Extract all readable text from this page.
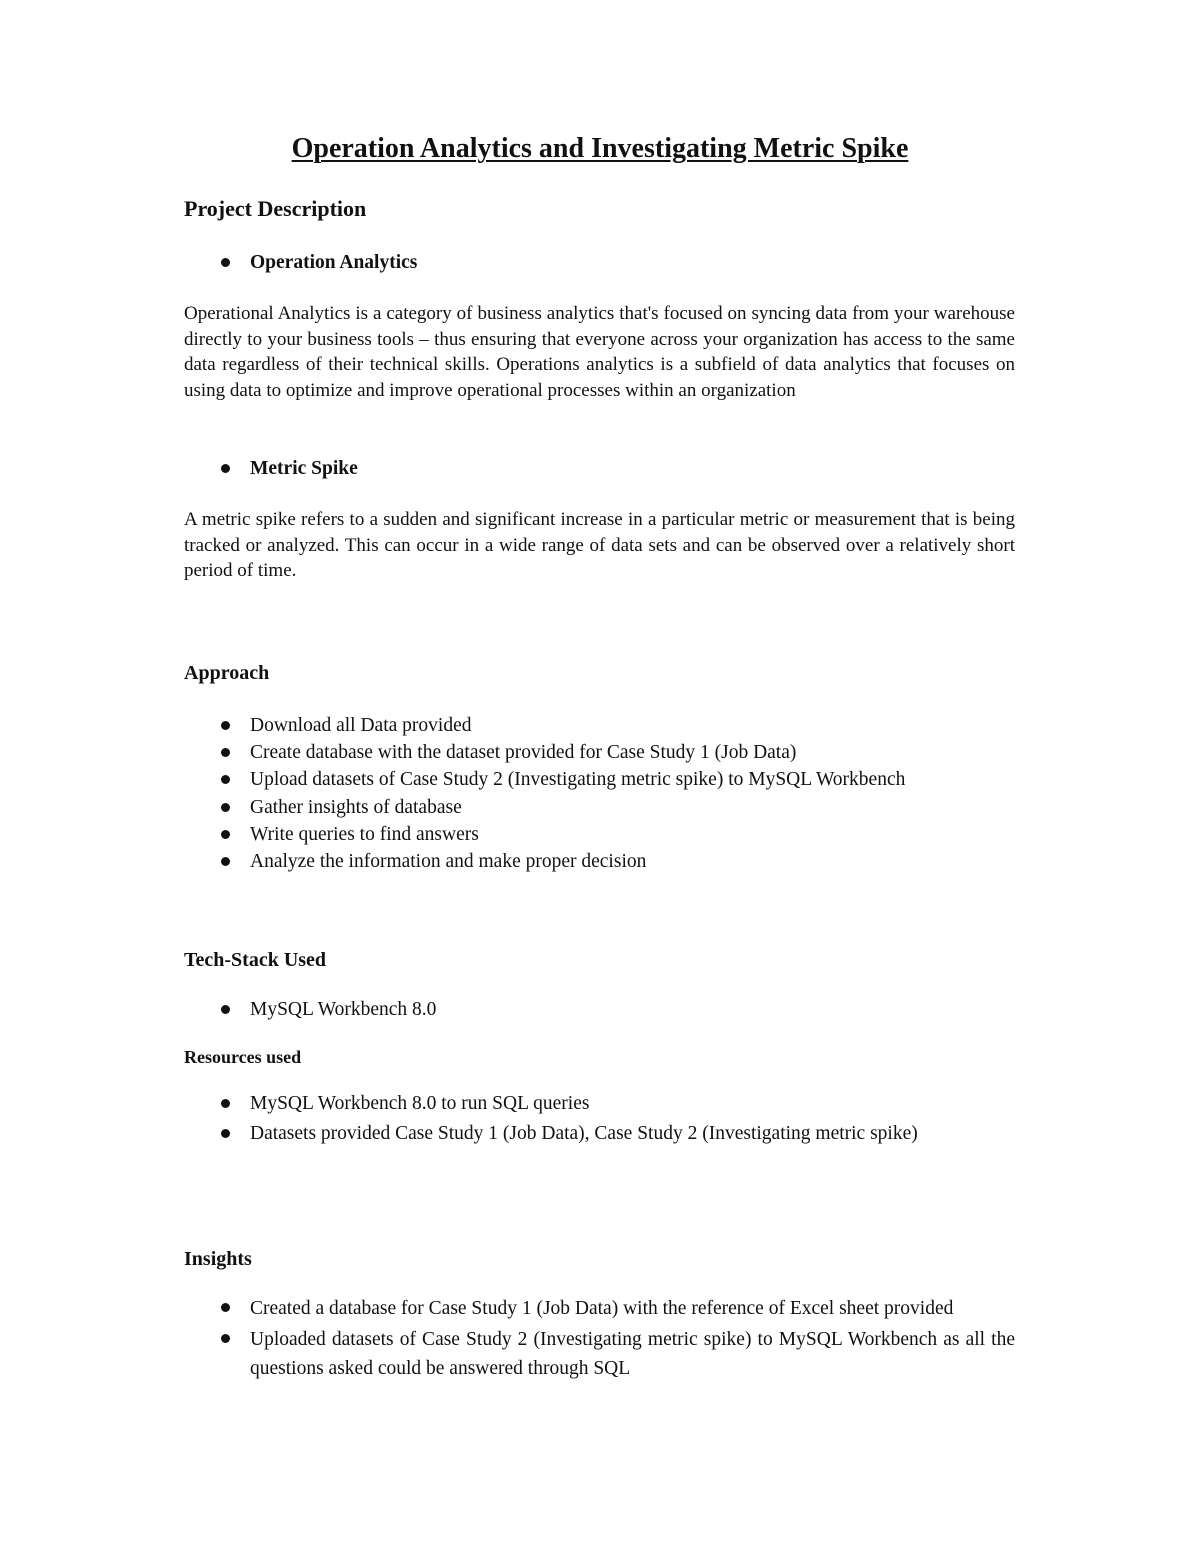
Operation Analytics and Investigating Metric Spike
Project Description
Operation Analytics

Operational Analytics is a category of business analytics that's focused on syncing data from your warehouse directly to your business tools – thus ensuring that everyone across your organization has access to the same data regardless of their technical skills. Operations analytics is a subfield of data analytics that focuses on using data to optimize and improve operational processes within an organization

Metric Spike

A metric spike refers to a sudden and significant increase in a particular metric or measurement that is being tracked or analyzed. This can occur in a wide range of data sets and can be observed over a relatively short period of time.

Approach
Download all Data provided
Create database with the dataset provided for Case Study 1 (Job Data)
Upload datasets of Case Study 2 (Investigating metric spike) to MySQL Workbench
Gather insights of database
Write queries to find answers
Analyze the information and make proper decision
Tech-Stack Used
MySQL Workbench 8.0
Resources used
MySQL Workbench 8.0 to run SQL queries
Datasets provided Case Study 1 (Job Data), Case Study 2 (Investigating metric spike)
Insights
Created a database for Case Study 1 (Job Data) with the reference of Excel sheet provided
Uploaded datasets of Case Study 2 (Investigating metric spike) to MySQL Workbench as all the questions asked could be answered through SQL
